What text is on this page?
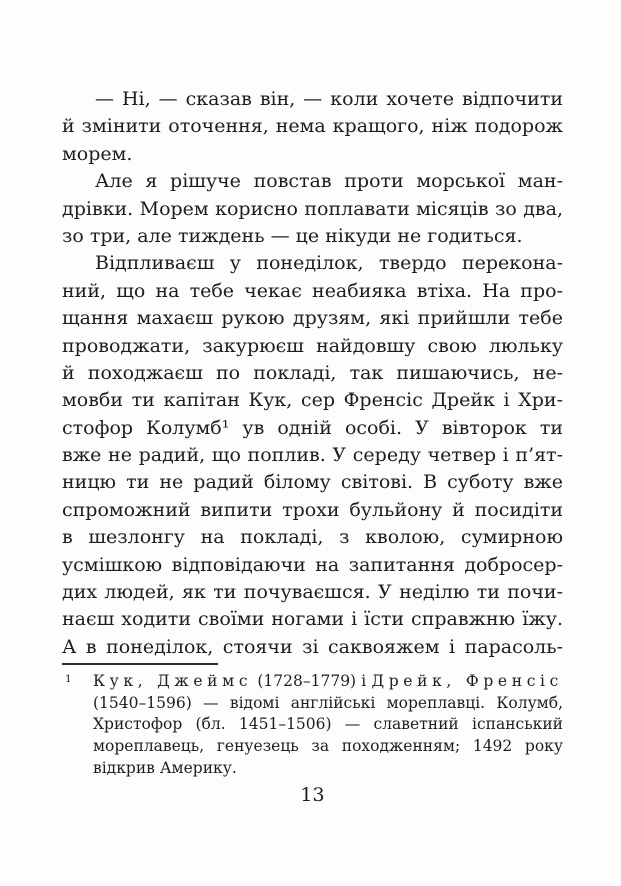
— Ні, — сказав він, — коли хочете відпочити
й змінити оточення, нема кращого, ніж подорож
морем.
Але я рішуче повстав проти морської ман-
дрівки. Морем корисно поплавати місяців зо два,
зо три, але тиждень — це нікуди не годиться.
Відпливаєш у понеділок, твердо перекона-
ний, що на тебе чекає неабияка втіха. На про-
щання махаєш рукою друзям, які прийшли тебе
проводжати, закурюєш найдовшу свою люльку
й походжаєш по покладі, так пишаючись, не-
мовби ти капітан Кук, сер Френсіс Дрейк і Хри-
стофор Колумб¹ ув одній особі. У вівторок ти
вже не радий, що поплив. У середу четвер і п’ят-
ницю ти не радий білому світові. В суботу вже
спроможний випити трохи бульйону й посидіти
в шезлонгу на покладі, з кволою, сумирною
усмішкою відповідаючи на запитання добросер-
дих людей, як ти почуваєшся. У неділю ти почи-
наєш ходити своїми ногами і їсти справжню їжу.
А в понеділок, стоячи зі саквояжем і парасоль-
1 Кук, Джеймс (1728–1779) і Дрейк, Френсіс
(1540–1596) — відомі англійські мореплавці. Колумб,
Христофор (бл. 1451–1506) — славетний іспанський
мореплавець, генуезець за походженням; 1492 року
відкрив Америку.
13
